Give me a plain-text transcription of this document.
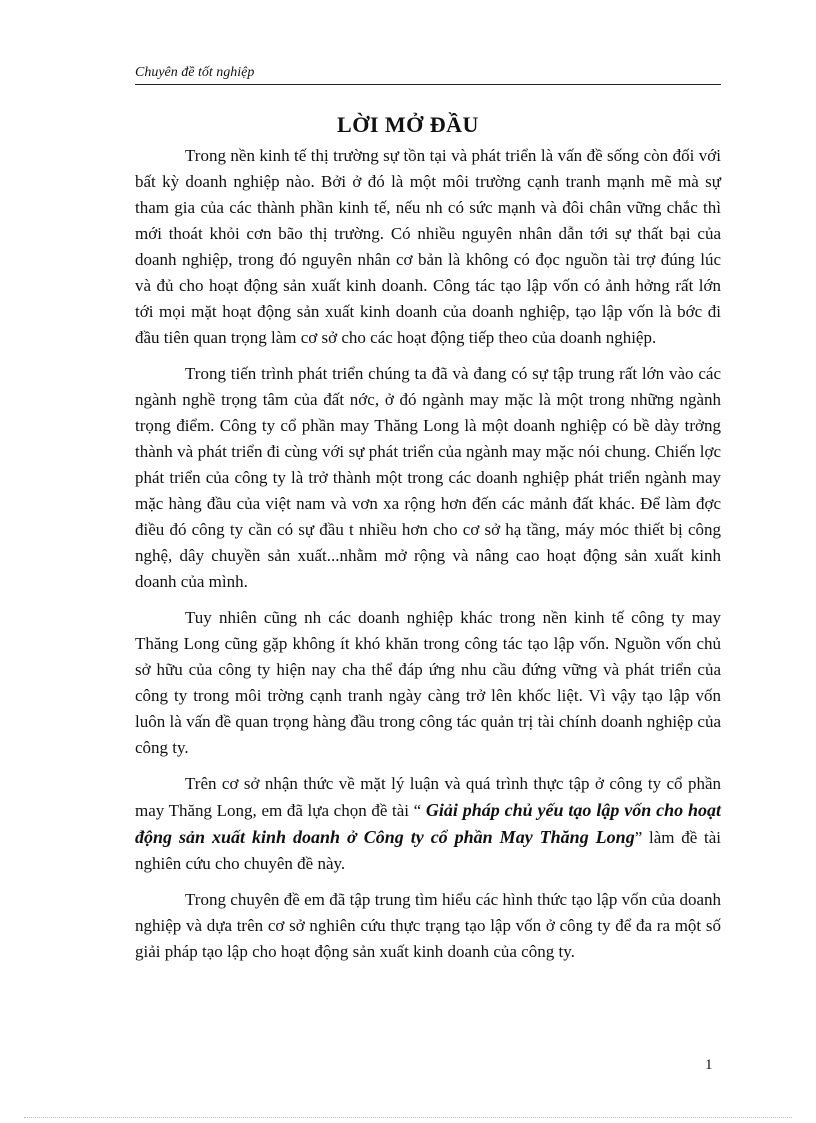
Chuyên đề tốt nghiệp
LỜI MỞ ĐẦU

Trong nền kinh tế thị trường sự tồn tại và phát triển là vấn đề sống còn đối với bất kỳ doanh nghiệp nào. Bởi ở đó là một môi trường cạnh tranh mạnh mẽ mà sự tham gia của các thành phần kinh tế, nếu nh có sức mạnh và đôi chân vững chắc thì mới thoát khỏi cơn bão thị trường. Có nhiều nguyên nhân dẫn tới sự thất bại của doanh nghiệp, trong đó nguyên nhân cơ bản là không có đọc nguồn tài trợ đúng lúc và đủ cho hoạt động sản xuất kinh doanh. Công tác tạo lập vốn có ảnh hởng rất lớn tới mọi mặt hoạt động sản xuất kinh doanh của doanh nghiệp, tạo lập vốn là bớc đi đầu tiên quan trọng làm cơ sở cho các hoạt động tiếp theo của doanh nghiệp.

Trong tiến trình phát triển chúng ta đã và đang có sự tập trung rất lớn vào các ngành nghề trọng tâm của đất nớc, ở đó ngành may mặc là một trong những ngành trọng điểm. Công ty cổ phần may Thăng Long là một doanh nghiệp có bề dày trởng thành và phát triển đi cùng với sự phát triển của ngành may mặc nói chung. Chiến lợc phát triển của công ty là trở thành một trong các doanh nghiệp phát triển ngành may mặc hàng đầu của việt nam và vơn xa rộng hơn đến các mảnh đất khác. Để làm đợc điều đó công ty cần có sự đầu t nhiều hơn cho cơ sở hạ tầng, máy móc thiết bị công nghệ, dây chuyền sản xuất...nhằm mở rộng và nâng cao hoạt động sản xuất kinh doanh của mình.

Tuy nhiên cũng nh các doanh nghiệp khác trong nền kinh tế công ty may Thăng Long cũng gặp không ít khó khăn trong công tác tạo lập vốn. Nguồn vốn chủ sở hữu của công ty hiện nay cha thể đáp ứng nhu cầu đứng vững và phát triển của công ty trong môi trờng cạnh tranh ngày càng trở lên khốc liệt. Vì vậy tạo lập vốn luôn là vấn đề quan trọng hàng đầu trong công tác quản trị tài chính doanh nghiệp của công ty.

Trên cơ sở nhận thức về mặt lý luận và quá trình thực tập ở công ty cổ phần may Thăng Long, em đã lựa chọn đề tài “ Giải pháp chủ yếu tạo lập vốn cho hoạt động sản xuất kinh doanh ở Công ty cổ phần May Thăng Long” làm đề tài nghiên cứu cho chuyên đề này.

Trong chuyên đề em đã tập trung tìm hiểu các hình thức tạo lập vốn của doanh nghiệp và dựa trên cơ sở nghiên cứu thực trạng tạo lập vốn ở công ty để đa ra một số giải pháp tạo lập cho hoạt động sản xuất kinh doanh của công ty.

1
